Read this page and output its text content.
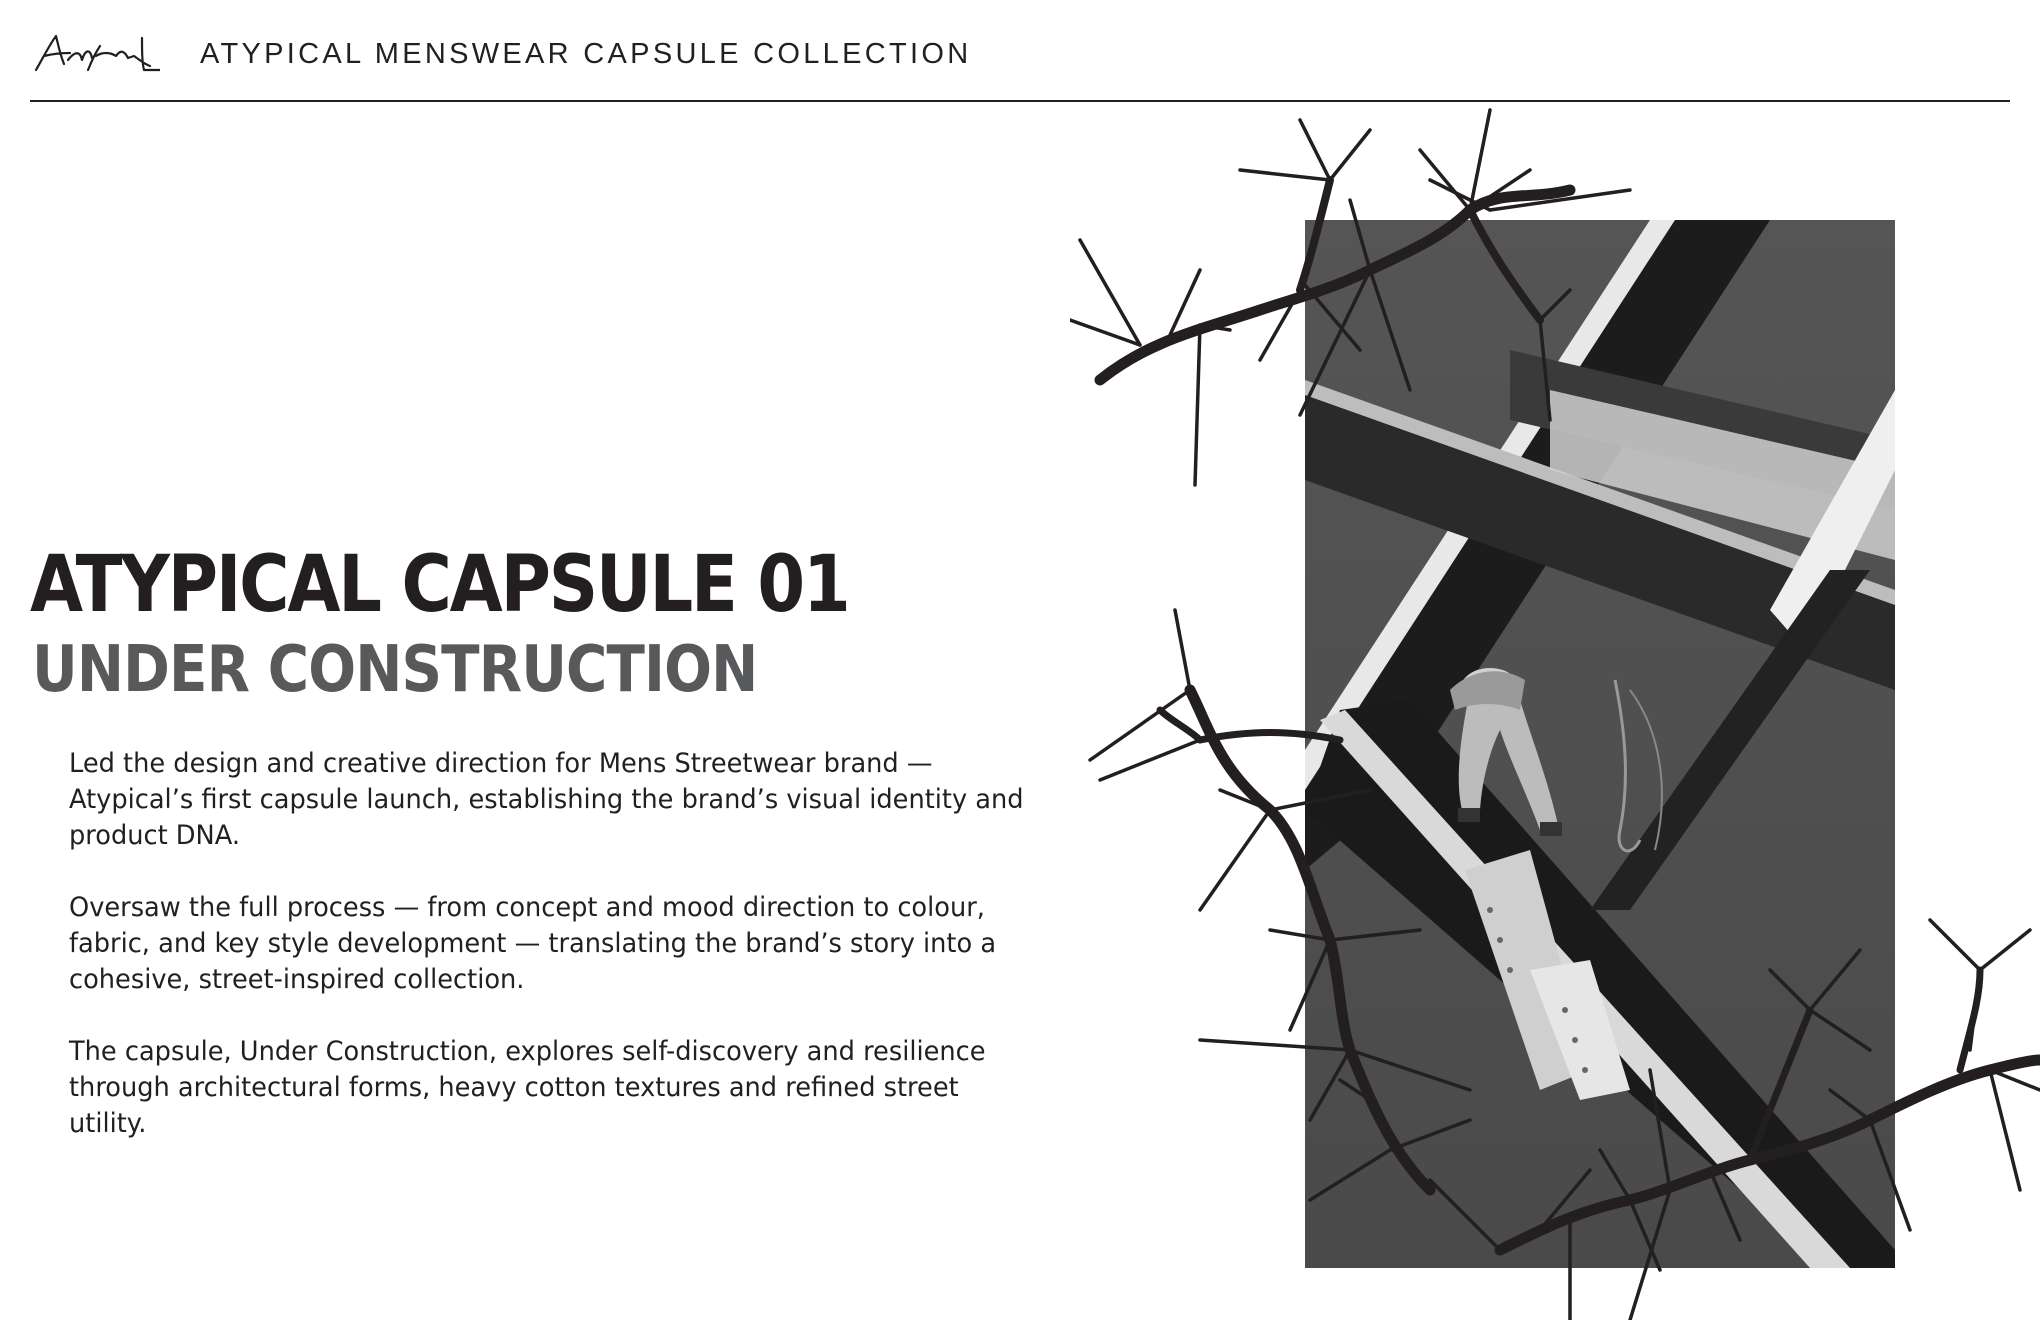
ATYPICAL MENSWEAR CAPSULE COLLECTION
ATYPICAL CAPSULE 01
UNDER CONSTRUCTION

Led the design and creative direction for Mens Streetwear brand — Atypical’s first capsule launch, establishing the brand’s visual identity and product DNA.

Oversaw the full process — from concept and mood direction to colour, fabric, and key style development — translating the brand’s story into a cohesive, street-inspired collection.

The capsule, Under Construction, explores self-discovery and resilience through architectural forms, heavy cotton textures and refined street utility.
